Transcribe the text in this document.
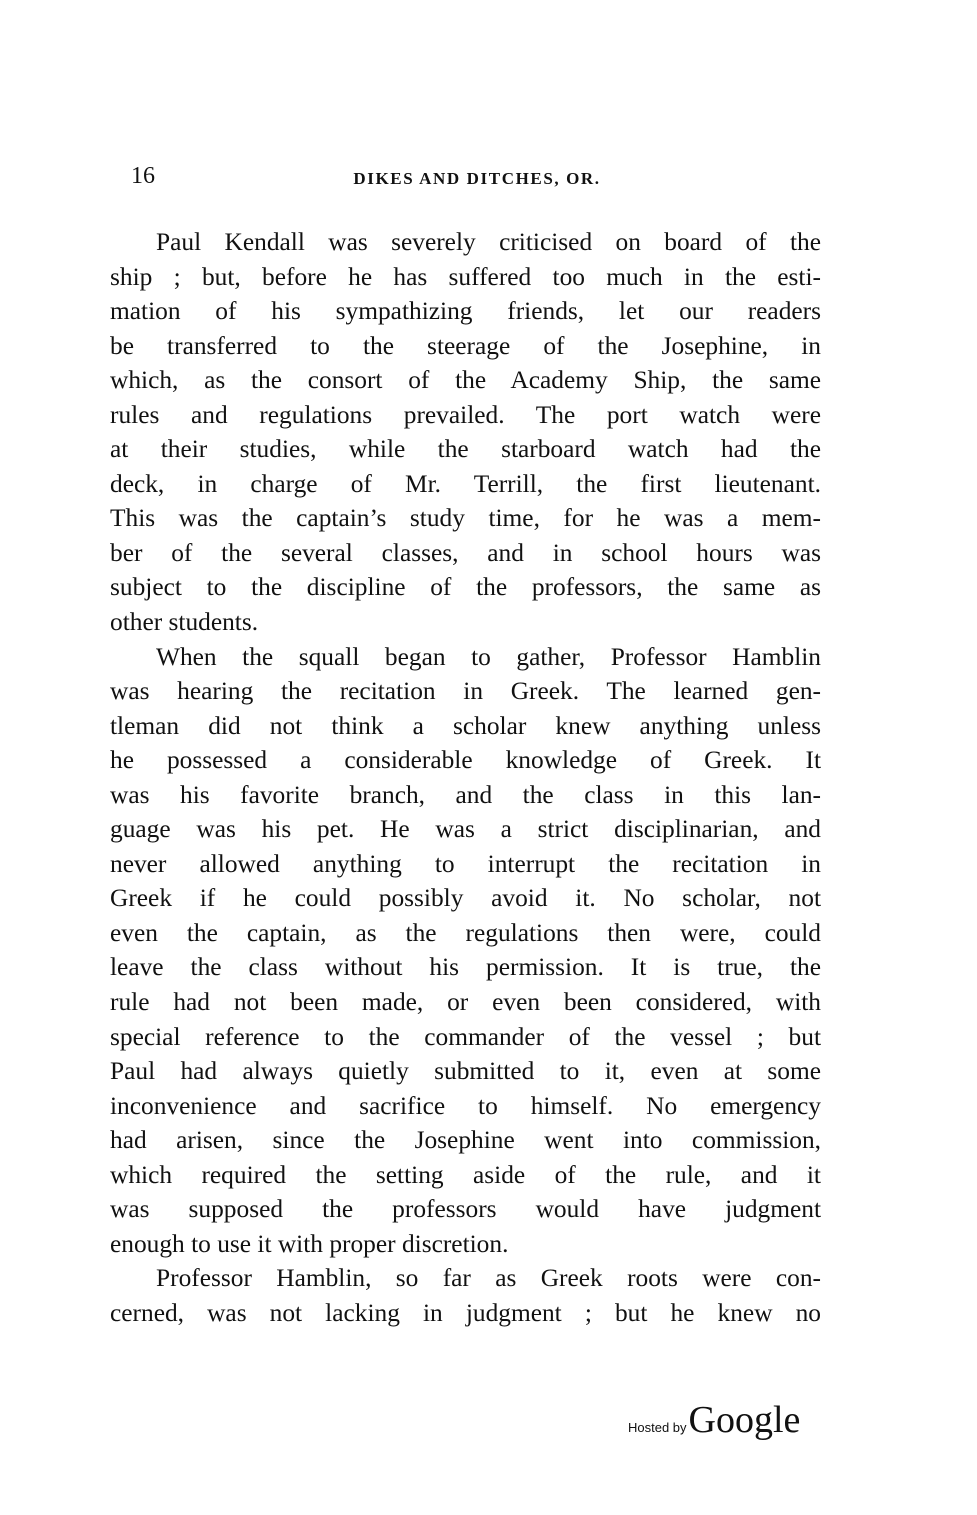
16	DIKES AND DITCHES, OR.

Paul Kendall was severely criticised on board of the
ship ; but, before he has suffered too much in the esti-
mation of his sympathizing friends, let our readers
be transferred to the steerage of the Josephine, in
which, as the consort of the Academy Ship, the same
rules and regulations prevailed. The port watch were
at their studies, while the starboard watch had the
deck, in charge of Mr. Terrill, the first lieutenant.
This was the captain’s study time, for he was a mem-
ber of the several classes, and in school hours was
subject to the discipline of the professors, the same as
other students.

When the squall began to gather, Professor Hamblin
was hearing the recitation in Greek. The learned gen-
tleman did not think a scholar knew anything unless
he possessed a considerable knowledge of Greek. It
was his favorite branch, and the class in this lan-
guage was his pet. He was a strict disciplinarian, and
never allowed anything to interrupt the recitation in
Greek if he could possibly avoid it. No scholar, not
even the captain, as the regulations then were, could
leave the class without his permission. It is true, the
rule had not been made, or even been considered, with
special reference to the commander of the vessel ; but
Paul had always quietly submitted to it, even at some
inconvenience and sacrifice to himself. No emergency
had arisen, since the Josephine went into commission,
which required the setting aside of the rule, and it
was supposed the professors would have judgment
enough to use it with proper discretion.

Professor Hamblin, so far as Greek roots were con-
cerned, was not lacking in judgment ; but he knew no

Hosted by Google
